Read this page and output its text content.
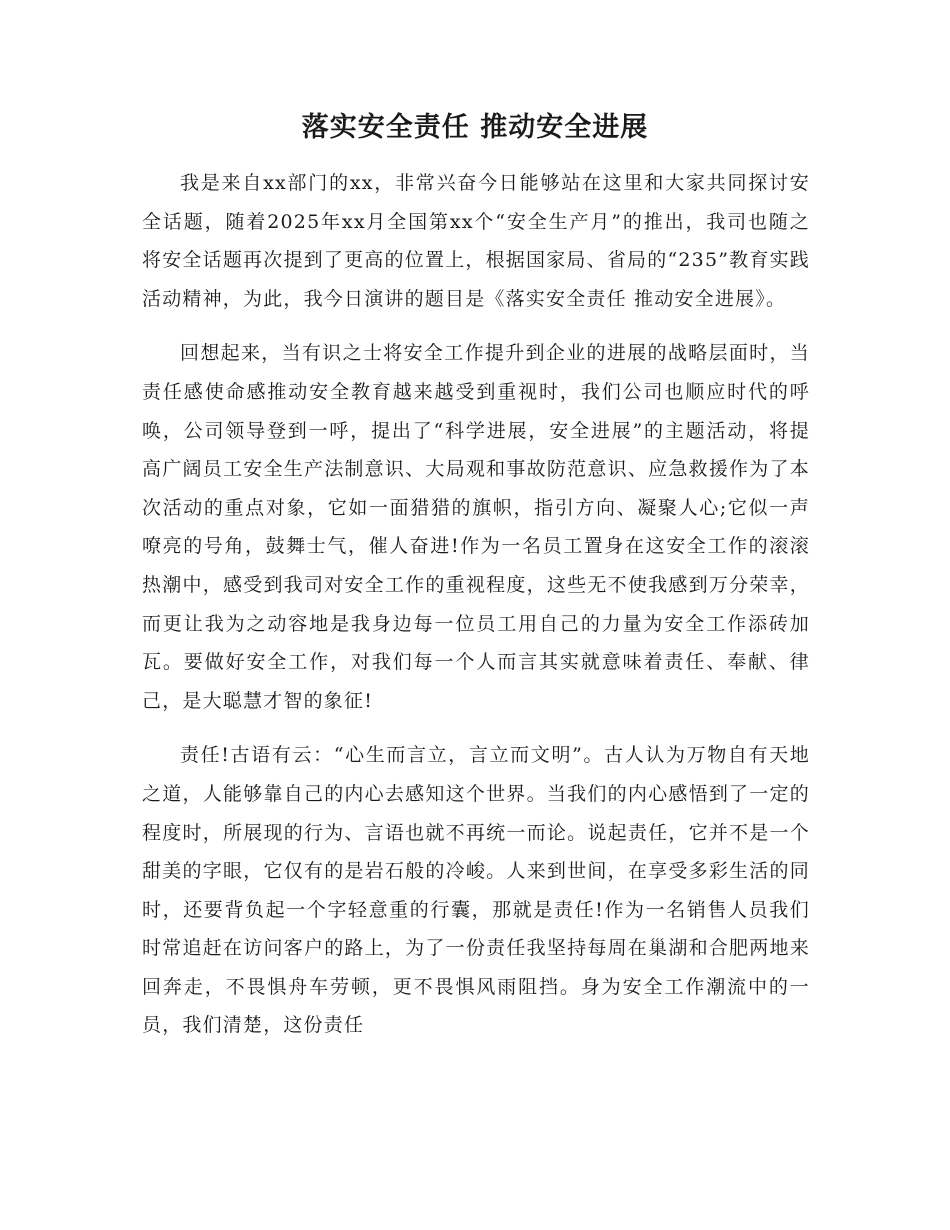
落实安全责任 推动安全进展

我是来自xx部门的xx，非常兴奋今日能够站在这里和大家共同探讨安全话题，随着2025年xx月全国第xx个“安全生产月”的推出，我司也随之将安全话题再次提到了更高的位置上，根据国家局、省局的“235”教育实践活动精神，为此，我今日演讲的题目是《落实安全责任 推动安全进展》。

回想起来，当有识之士将安全工作提升到企业的进展的战略层面时，当责任感使命感推动安全教育越来越受到重视时，我们公司也顺应时代的呼唤，公司领导登到一呼，提出了“科学进展，安全进展”的主题活动，将提高广阔员工安全生产法制意识、大局观和事故防范意识、应急救援作为了本次活动的重点对象，它如一面猎猎的旗帜，指引方向、凝聚人心;它似一声嘹亮的号角，鼓舞士气，催人奋进!作为一名员工置身在这安全工作的滚滚热潮中，感受到我司对安全工作的重视程度，这些无不使我感到万分荣幸，而更让我为之动容地是我身边每一位员工用自己的力量为安全工作添砖加瓦。要做好安全工作，对我们每一个人而言其实就意味着责任、奉献、律己，是大聪慧才智的象征!

责任!古语有云：“心生而言立，言立而文明”。古人认为万物自有天地之道，人能够靠自己的内心去感知这个世界。当我们的内心感悟到了一定的程度时，所展现的行为、言语也就不再统一而论。说起责任，它并不是一个甜美的字眼，它仅有的是岩石般的冷峻。人来到世间，在享受多彩生活的同时，还要背负起一个字轻意重的行囊，那就是责任!作为一名销售人员我们时常追赶在访问客户的路上，为了一份责任我坚持每周在巢湖和合肥两地来回奔走，不畏惧舟车劳顿，更不畏惧风雨阻挡。身为安全工作潮流中的一员，我们清楚，这份责任
